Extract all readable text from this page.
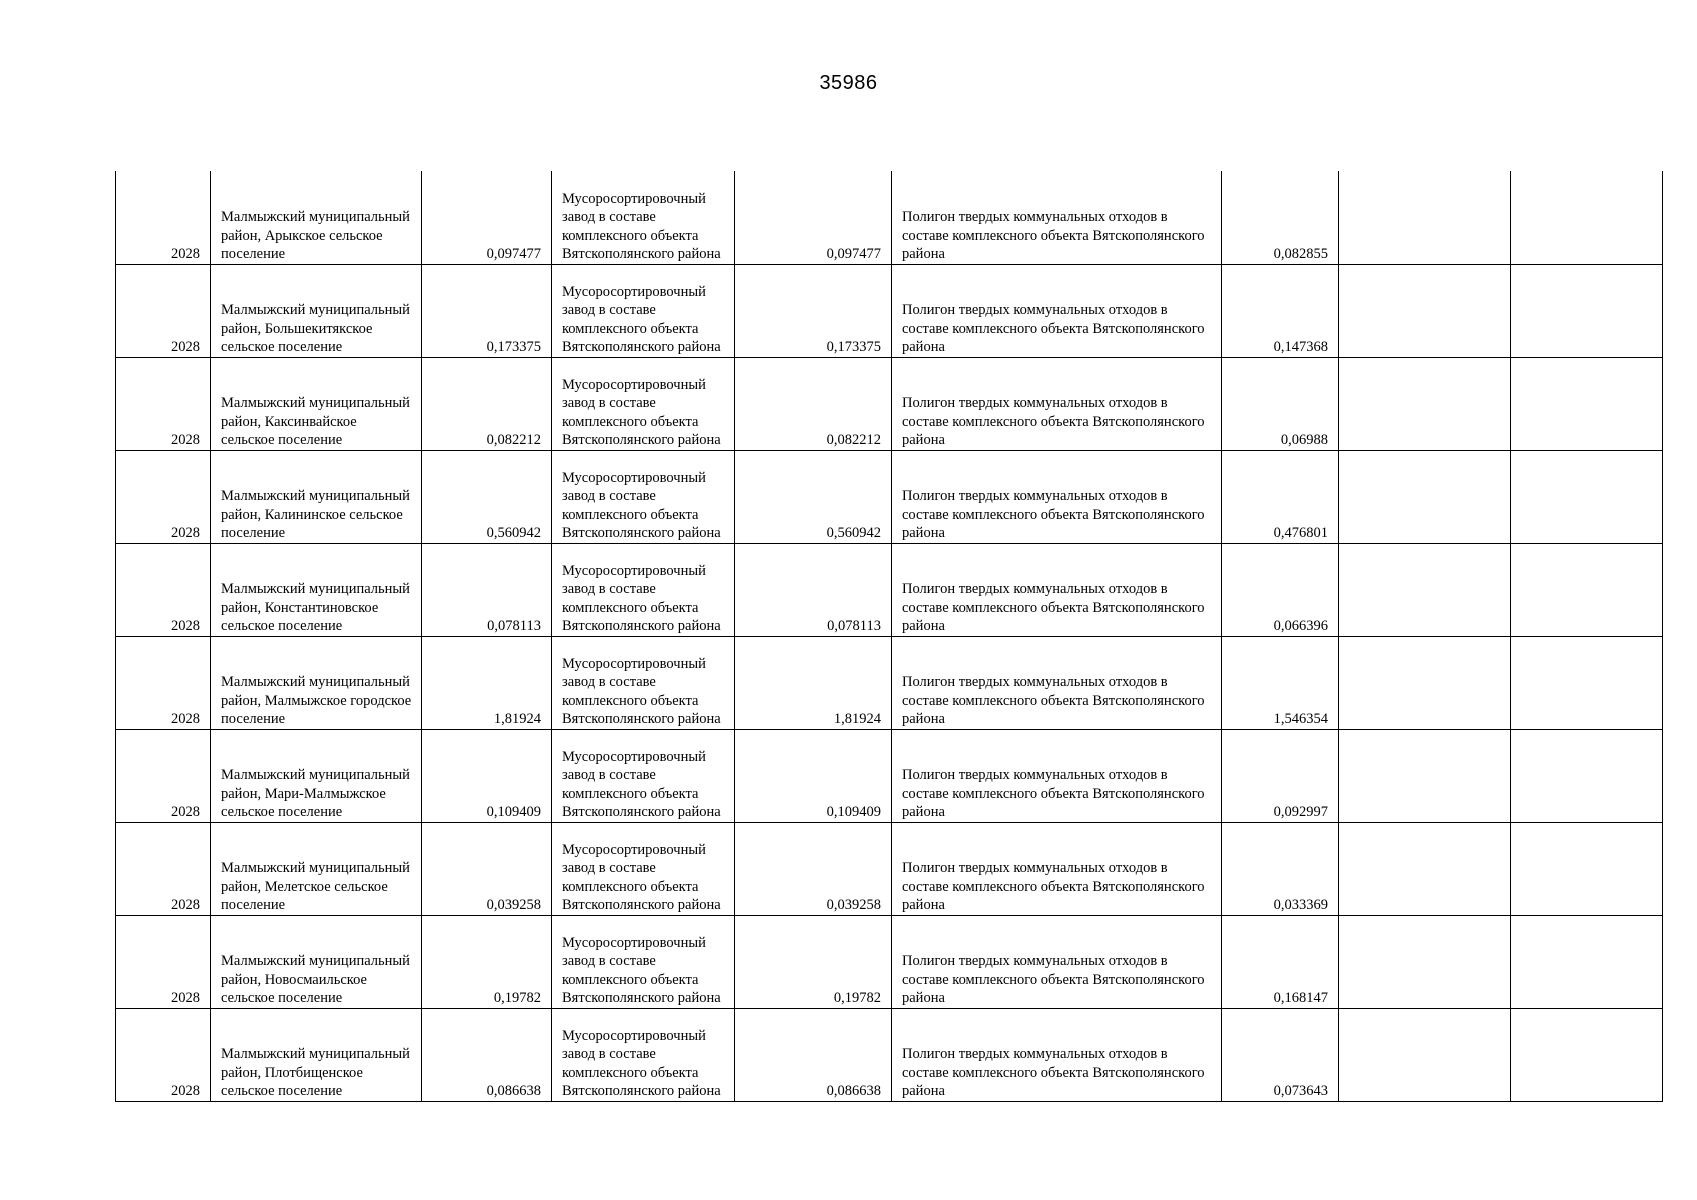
35986
2028	Малмыжский муниципальный район, Арыкское сельское поселение	0,097477	Мусоросортировочный завод в составе комплексного объекта Вятскополянского района	0,097477	Полигон твердых коммунальных отходов в составе комплексного объекта Вятскополянского района	0,082855		
2028	Малмыжский муниципальный район, Большекитякское сельское поселение	0,173375	Мусоросортировочный завод в составе комплексного объекта Вятскополянского района	0,173375	Полигон твердых коммунальных отходов в составе комплексного объекта Вятскополянского района	0,147368		
2028	Малмыжский муниципальный район, Каксинвайское сельское поселение	0,082212	Мусоросортировочный завод в составе комплексного объекта Вятскополянского района	0,082212	Полигон твердых коммунальных отходов в составе комплексного объекта Вятскополянского района	0,06988		
2028	Малмыжский муниципальный район, Калининское сельское поселение	0,560942	Мусоросортировочный завод в составе комплексного объекта Вятскополянского района	0,560942	Полигон твердых коммунальных отходов в составе комплексного объекта Вятскополянского района	0,476801		
2028	Малмыжский муниципальный район, Константиновское сельское поселение	0,078113	Мусоросортировочный завод в составе комплексного объекта Вятскополянского района	0,078113	Полигон твердых коммунальных отходов в составе комплексного объекта Вятскополянского района	0,066396		
2028	Малмыжский муниципальный район, Малмыжское городское поселение	1,81924	Мусоросортировочный завод в составе комплексного объекта Вятскополянского района	1,81924	Полигон твердых коммунальных отходов в составе комплексного объекта Вятскополянского района	1,546354		
2028	Малмыжский муниципальный район, Мари-Малмыжское сельское поселение	0,109409	Мусоросортировочный завод в составе комплексного объекта Вятскополянского района	0,109409	Полигон твердых коммунальных отходов в составе комплексного объекта Вятскополянского района	0,092997		
2028	Малмыжский муниципальный район, Мелетское сельское поселение	0,039258	Мусоросортировочный завод в составе комплексного объекта Вятскополянского района	0,039258	Полигон твердых коммунальных отходов в составе комплексного объекта Вятскополянского района	0,033369		
2028	Малмыжский муниципальный район, Новосмаильское сельское поселение	0,19782	Мусоросортировочный завод в составе комплексного объекта Вятскополянского района	0,19782	Полигон твердых коммунальных отходов в составе комплексного объекта Вятскополянского района	0,168147		
2028	Малмыжский муниципальный район, Плотбищенское сельское поселение	0,086638	Мусоросортировочный завод в составе комплексного объекта Вятскополянского района	0,086638	Полигон твердых коммунальных отходов в составе комплексного объекта Вятскополянского района	0,073643		
